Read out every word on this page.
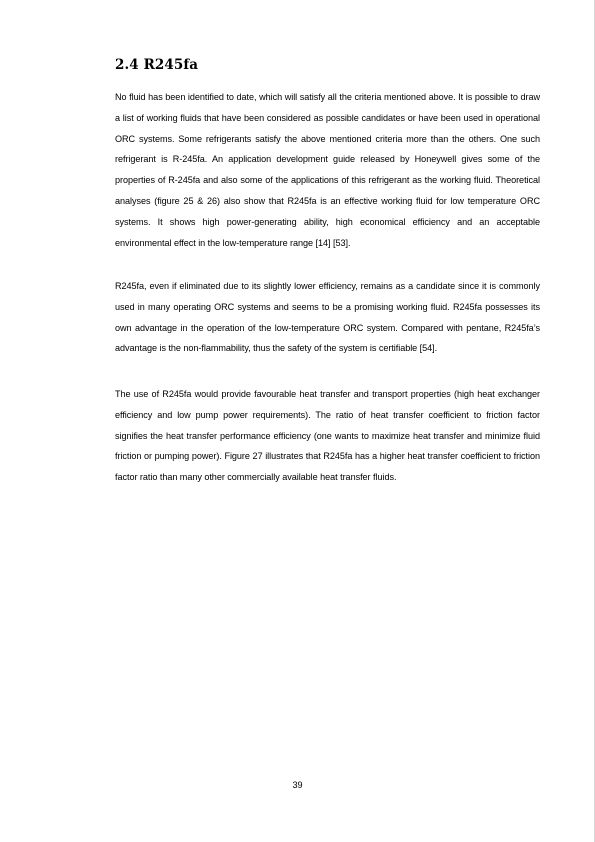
2.4 R245fa

No fluid has been identified to date, which will satisfy all the criteria mentioned above. It is possible to draw a list of working fluids that have been considered as possible candidates or have been used in operational ORC systems. Some refrigerants satisfy the above mentioned criteria more than the others. One such refrigerant is R-245fa. An application development guide released by Honeywell gives some of the properties of R-245fa and also some of the applications of this refrigerant as the working fluid. Theoretical analyses (figure 25 & 26) also show that R245fa is an effective working fluid for low temperature ORC systems. It shows high power-generating ability, high economical efficiency and an acceptable environmental effect in the low-temperature range [14] [53].

R245fa, even if eliminated due to its slightly lower efficiency, remains as a candidate since it is commonly used in many operating ORC systems and seems to be a promising working fluid. R245fa possesses its own advantage in the operation of the low-temperature ORC system. Compared with pentane, R245fa’s advantage is the non-flammability, thus the safety of the system is certifiable [54].

The use of R245fa would provide favourable heat transfer and transport properties (high heat exchanger efficiency and low pump power requirements). The ratio of heat transfer coefficient to friction factor signifies the heat transfer performance efficiency (one wants to maximize heat transfer and minimize fluid friction or pumping power). Figure 27 illustrates that R245fa has a higher heat transfer coefficient to friction factor ratio than many other commercially available heat transfer fluids.

39
